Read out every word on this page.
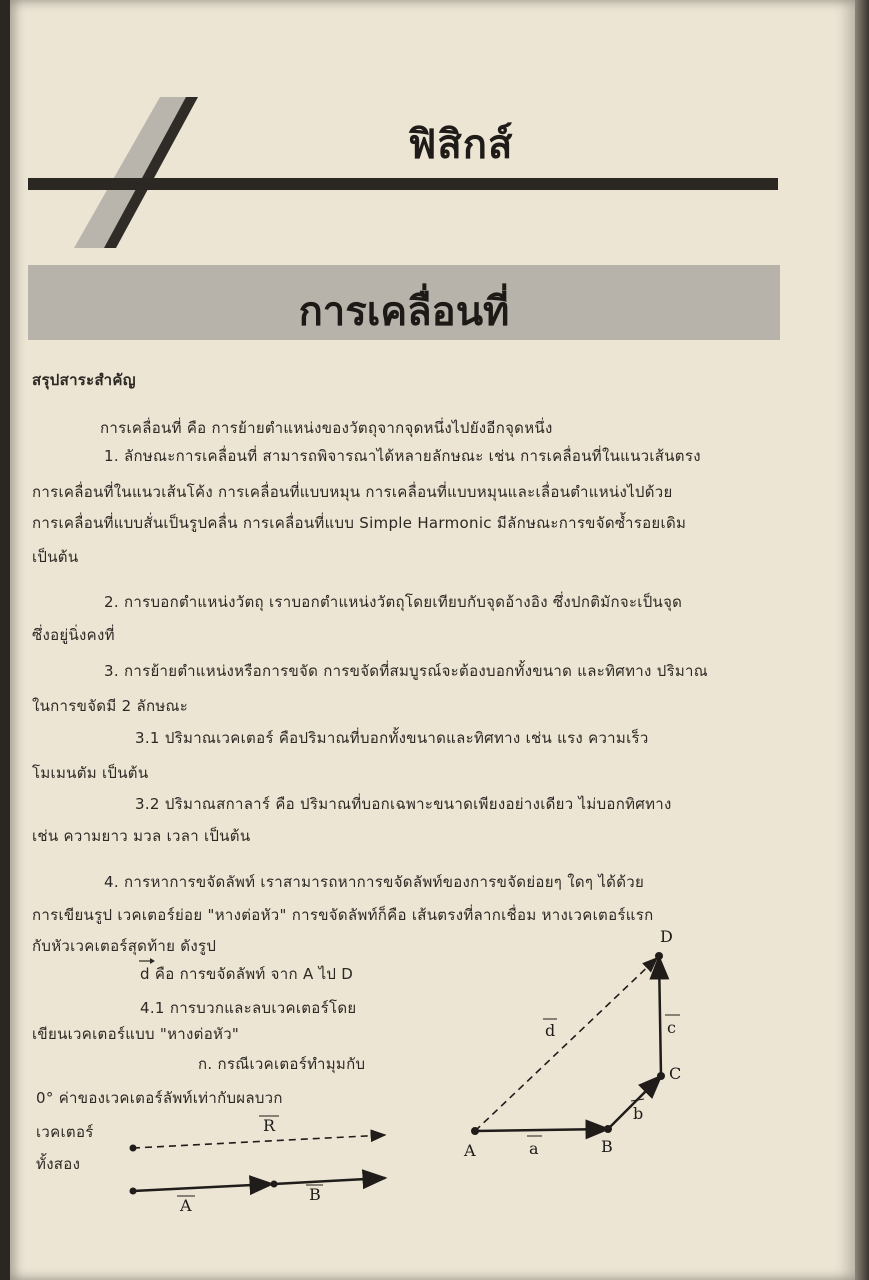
ฟิสิกส์
การเคลื่อนที่
สรุปสาระสำคัญ
การเคลื่อนที่ คือ การย้ายตำแหน่งของวัตถุจากจุดหนึ่งไปยังอีกจุดหนึ่ง
1. ลักษณะการเคลื่อนที่ สามารถพิจารณาได้หลายลักษณะ เช่น การเคลื่อนที่ในแนวเส้นตรง
การเคลื่อนที่ในแนวเส้นโค้ง การเคลื่อนที่แบบหมุน การเคลื่อนที่แบบหมุนและเลื่อนตำแหน่งไปด้วย
การเคลื่อนที่แบบสั่นเป็นรูปคลื่น การเคลื่อนที่แบบ Simple Harmonic มีลักษณะการขจัดซ้ำรอยเดิม
เป็นต้น
2. การบอกตำแหน่งวัตถุ เราบอกตำแหน่งวัตถุโดยเทียบกับจุดอ้างอิง ซึ่งปกติมักจะเป็นจุด
ซึ่งอยู่นิ่งคงที่
3. การย้ายตำแหน่งหรือการขจัด การขจัดที่สมบูรณ์จะต้องบอกทั้งขนาด และทิศทาง ปริมาณ
ในการขจัดมี 2 ลักษณะ
3.1 ปริมาณเวคเตอร์ คือปริมาณที่บอกทั้งขนาดและทิศทาง เช่น แรง ความเร็ว
โมเมนตัม เป็นต้น
3.2 ปริมาณสกาลาร์ คือ ปริมาณที่บอกเฉพาะขนาดเพียงอย่างเดียว ไม่บอกทิศทาง
เช่น ความยาว มวล เวลา เป็นต้น
4. การหาการขจัดลัพท์ เราสามารถหาการขจัดลัพท์ของการขจัดย่อยๆ ใดๆ ได้ด้วย
การเขียนรูป เวคเตอร์ย่อย "หางต่อหัว" การขจัดลัพท์ก็คือ เส้นตรงที่ลากเชื่อม หางเวคเตอร์แรก
กับหัวเวคเตอร์สุดท้าย ดังรูป
d คือ การขจัดลัพท์ จาก A ไป D
4.1 การบวกและลบเวคเตอร์โดย
เขียนเวคเตอร์แบบ "หางต่อหัว"
ก. กรณีเวคเตอร์ทำมุมกับ
0° ค่าของเวคเตอร์ลัพท์เท่ากับผลบวก
เวคเตอร์
ทั้งสอง
A	B
C
D
a
b
c
d
R
A
B
